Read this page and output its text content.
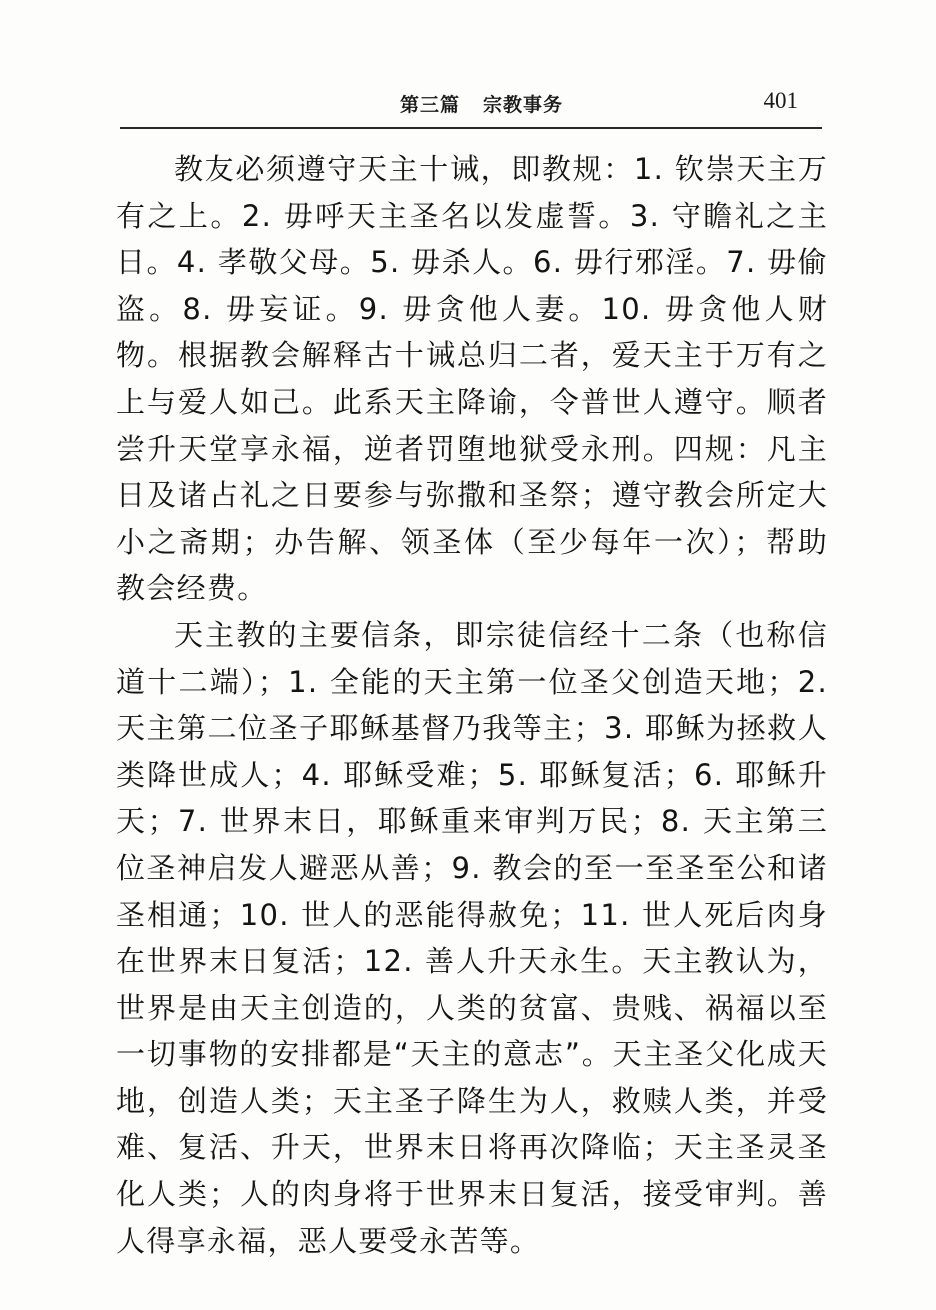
第三篇 宗教事务	401

教友必须遵守天主十诫，即教规：1. 钦崇天主万有之上。2. 毋呼天主圣名以发虚誓。3. 守瞻礼之主日。4. 孝敬父母。5. 毋杀人。6. 毋行邪淫。7. 毋偷盗。8. 毋妄证。9. 毋贪他人妻。10. 毋贪他人财物。根据教会解释古十诫总归二者，爱天主于万有之上与爱人如己。此系天主降谕，令普世人遵守。顺者尝升天堂享永福，逆者罚堕地狱受永刑。四规：凡主日及诸占礼之日要参与弥撒和圣祭；遵守教会所定大小之斋期；办告解、领圣体（至少每年一次）；帮助教会经费。

天主教的主要信条，即宗徒信经十二条（也称信道十二端）；1. 全能的天主第一位圣父创造天地；2. 天主第二位圣子耶稣基督乃我等主；3. 耶稣为拯救人类降世成人；4. 耶稣受难；5. 耶稣复活；6. 耶稣升天；7. 世界末日，耶稣重来审判万民；8. 天主第三位圣神启发人避恶从善；9. 教会的至一至圣至公和诸圣相通；10. 世人的恶能得赦免；11. 世人死后肉身在世界末日复活；12. 善人升天永生。天主教认为，世界是由天主创造的，人类的贫富、贵贱、祸福以至一切事物的安排都是“天主的意志”。天主圣父化成天地，创造人类；天主圣子降生为人，救赎人类，并受难、复活、升天，世界末日将再次降临；天主圣灵圣化人类；人的肉身将于世界末日复活，接受审判。善人得享永福，恶人要受永苦等。
